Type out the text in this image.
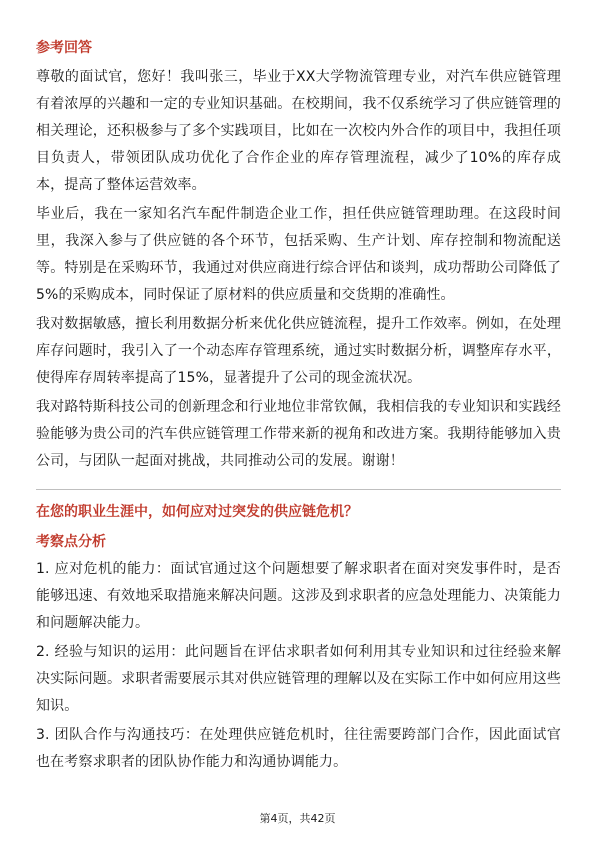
参考回答

尊敬的面试官，您好！我叫张三，毕业于XX大学物流管理专业，对汽车供应链管理有着浓厚的兴趣和一定的专业知识基础。在校期间，我不仅系统学习了供应链管理的相关理论，还积极参与了多个实践项目，比如在一次校内外合作的项目中，我担任项目负责人，带领团队成功优化了合作企业的库存管理流程，减少了10%的库存成本，提高了整体运营效率。

毕业后，我在一家知名汽车配件制造企业工作，担任供应链管理助理。在这段时间里，我深入参与了供应链的各个环节，包括采购、生产计划、库存控制和物流配送等。特别是在采购环节，我通过对供应商进行综合评估和谈判，成功帮助公司降低了5%的采购成本，同时保证了原材料的供应质量和交货期的准确性。

我对数据敏感，擅长利用数据分析来优化供应链流程，提升工作效率。例如，在处理库存问题时，我引入了一个动态库存管理系统，通过实时数据分析，调整库存水平，使得库存周转率提高了15%，显著提升了公司的现金流状况。

我对路特斯科技公司的创新理念和行业地位非常钦佩，我相信我的专业知识和实践经验能够为贵公司的汽车供应链管理工作带来新的视角和改进方案。我期待能够加入贵公司，与团队一起面对挑战，共同推动公司的发展。谢谢！

在您的职业生涯中，如何应对过突发的供应链危机？
考察点分析

1. 应对危机的能力：面试官通过这个问题想要了解求职者在面对突发事件时，是否能够迅速、有效地采取措施来解决问题。这涉及到求职者的应急处理能力、决策能力和问题解决能力。

2. 经验与知识的运用：此问题旨在评估求职者如何利用其专业知识和过往经验来解决实际问题。求职者需要展示其对供应链管理的理解以及在实际工作中如何应用这些知识。

3. 团队合作与沟通技巧：在处理供应链危机时，往往需要跨部门合作，因此面试官也在考察求职者的团队协作能力和沟通协调能力。

第4页，共42页
